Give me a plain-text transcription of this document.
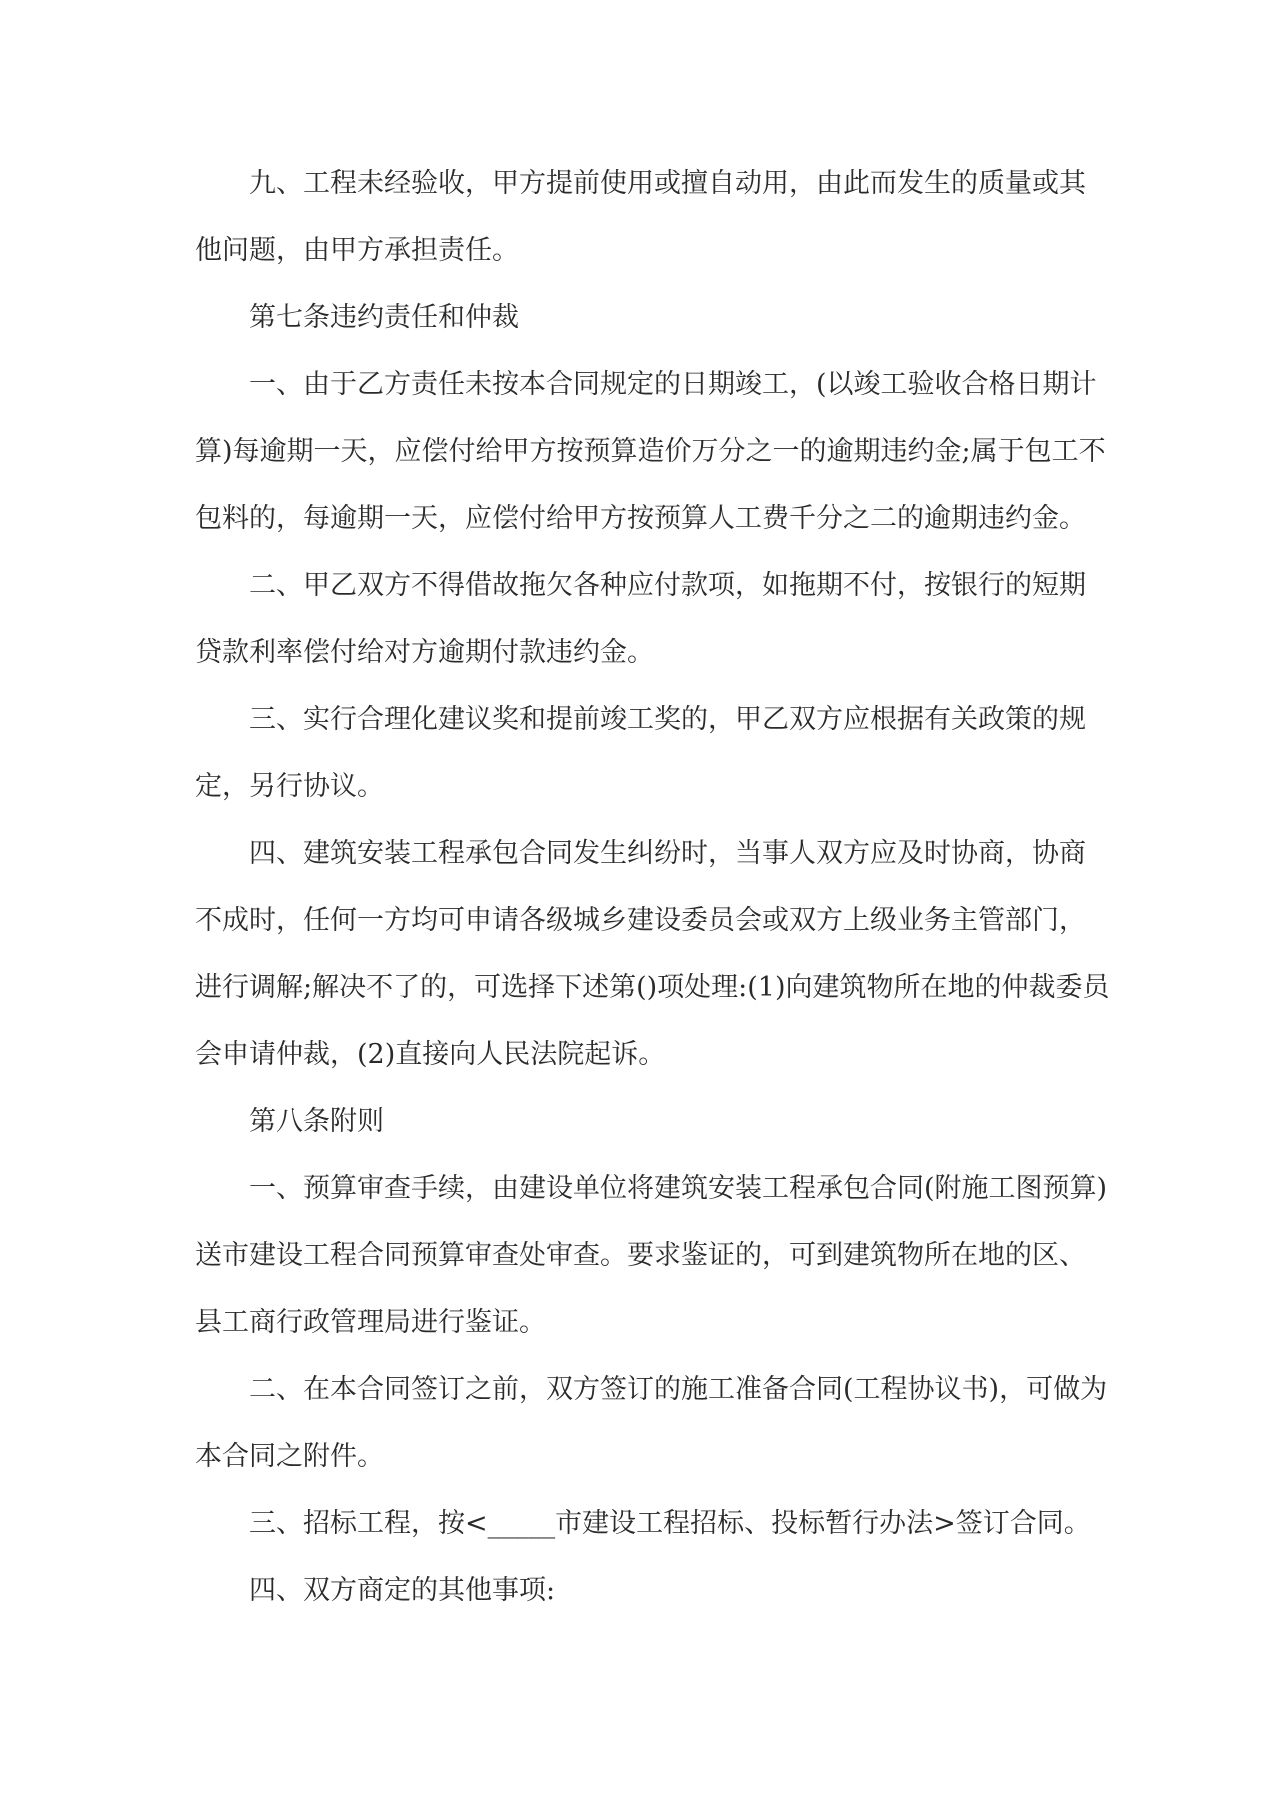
九、工程未经验收，甲方提前使用或擅自动用，由此而发生的质量或其
他问题，由甲方承担责任。
第七条违约责任和仲裁
一、由于乙方责任未按本合同规定的日期竣工，(以竣工验收合格日期计
算)每逾期一天，应偿付给甲方按预算造价万分之一的逾期违约金;属于包工不
包料的，每逾期一天，应偿付给甲方按预算人工费千分之二的逾期违约金。
二、甲乙双方不得借故拖欠各种应付款项，如拖期不付，按银行的短期
贷款利率偿付给对方逾期付款违约金。
三、实行合理化建议奖和提前竣工奖的，甲乙双方应根据有关政策的规
定，另行协议。
四、建筑安装工程承包合同发生纠纷时，当事人双方应及时协商，协商
不成时，任何一方均可申请各级城乡建设委员会或双方上级业务主管部门，
进行调解;解决不了的，可选择下述第()项处理:(1)向建筑物所在地的仲裁委员
会申请仲裁，(2)直接向人民法院起诉。
第八条附则
一、预算审查手续，由建设单位将建筑安装工程承包合同(附施工图预算)
送市建设工程合同预算审查处审查。要求鉴证的，可到建筑物所在地的区、
县工商行政管理局进行鉴证。
二、在本合同签订之前，双方签订的施工准备合同(工程协议书)，可做为
本合同之附件。
三、招标工程，按<_____市建设工程招标、投标暂行办法>签订合同。
四、双方商定的其他事项:
